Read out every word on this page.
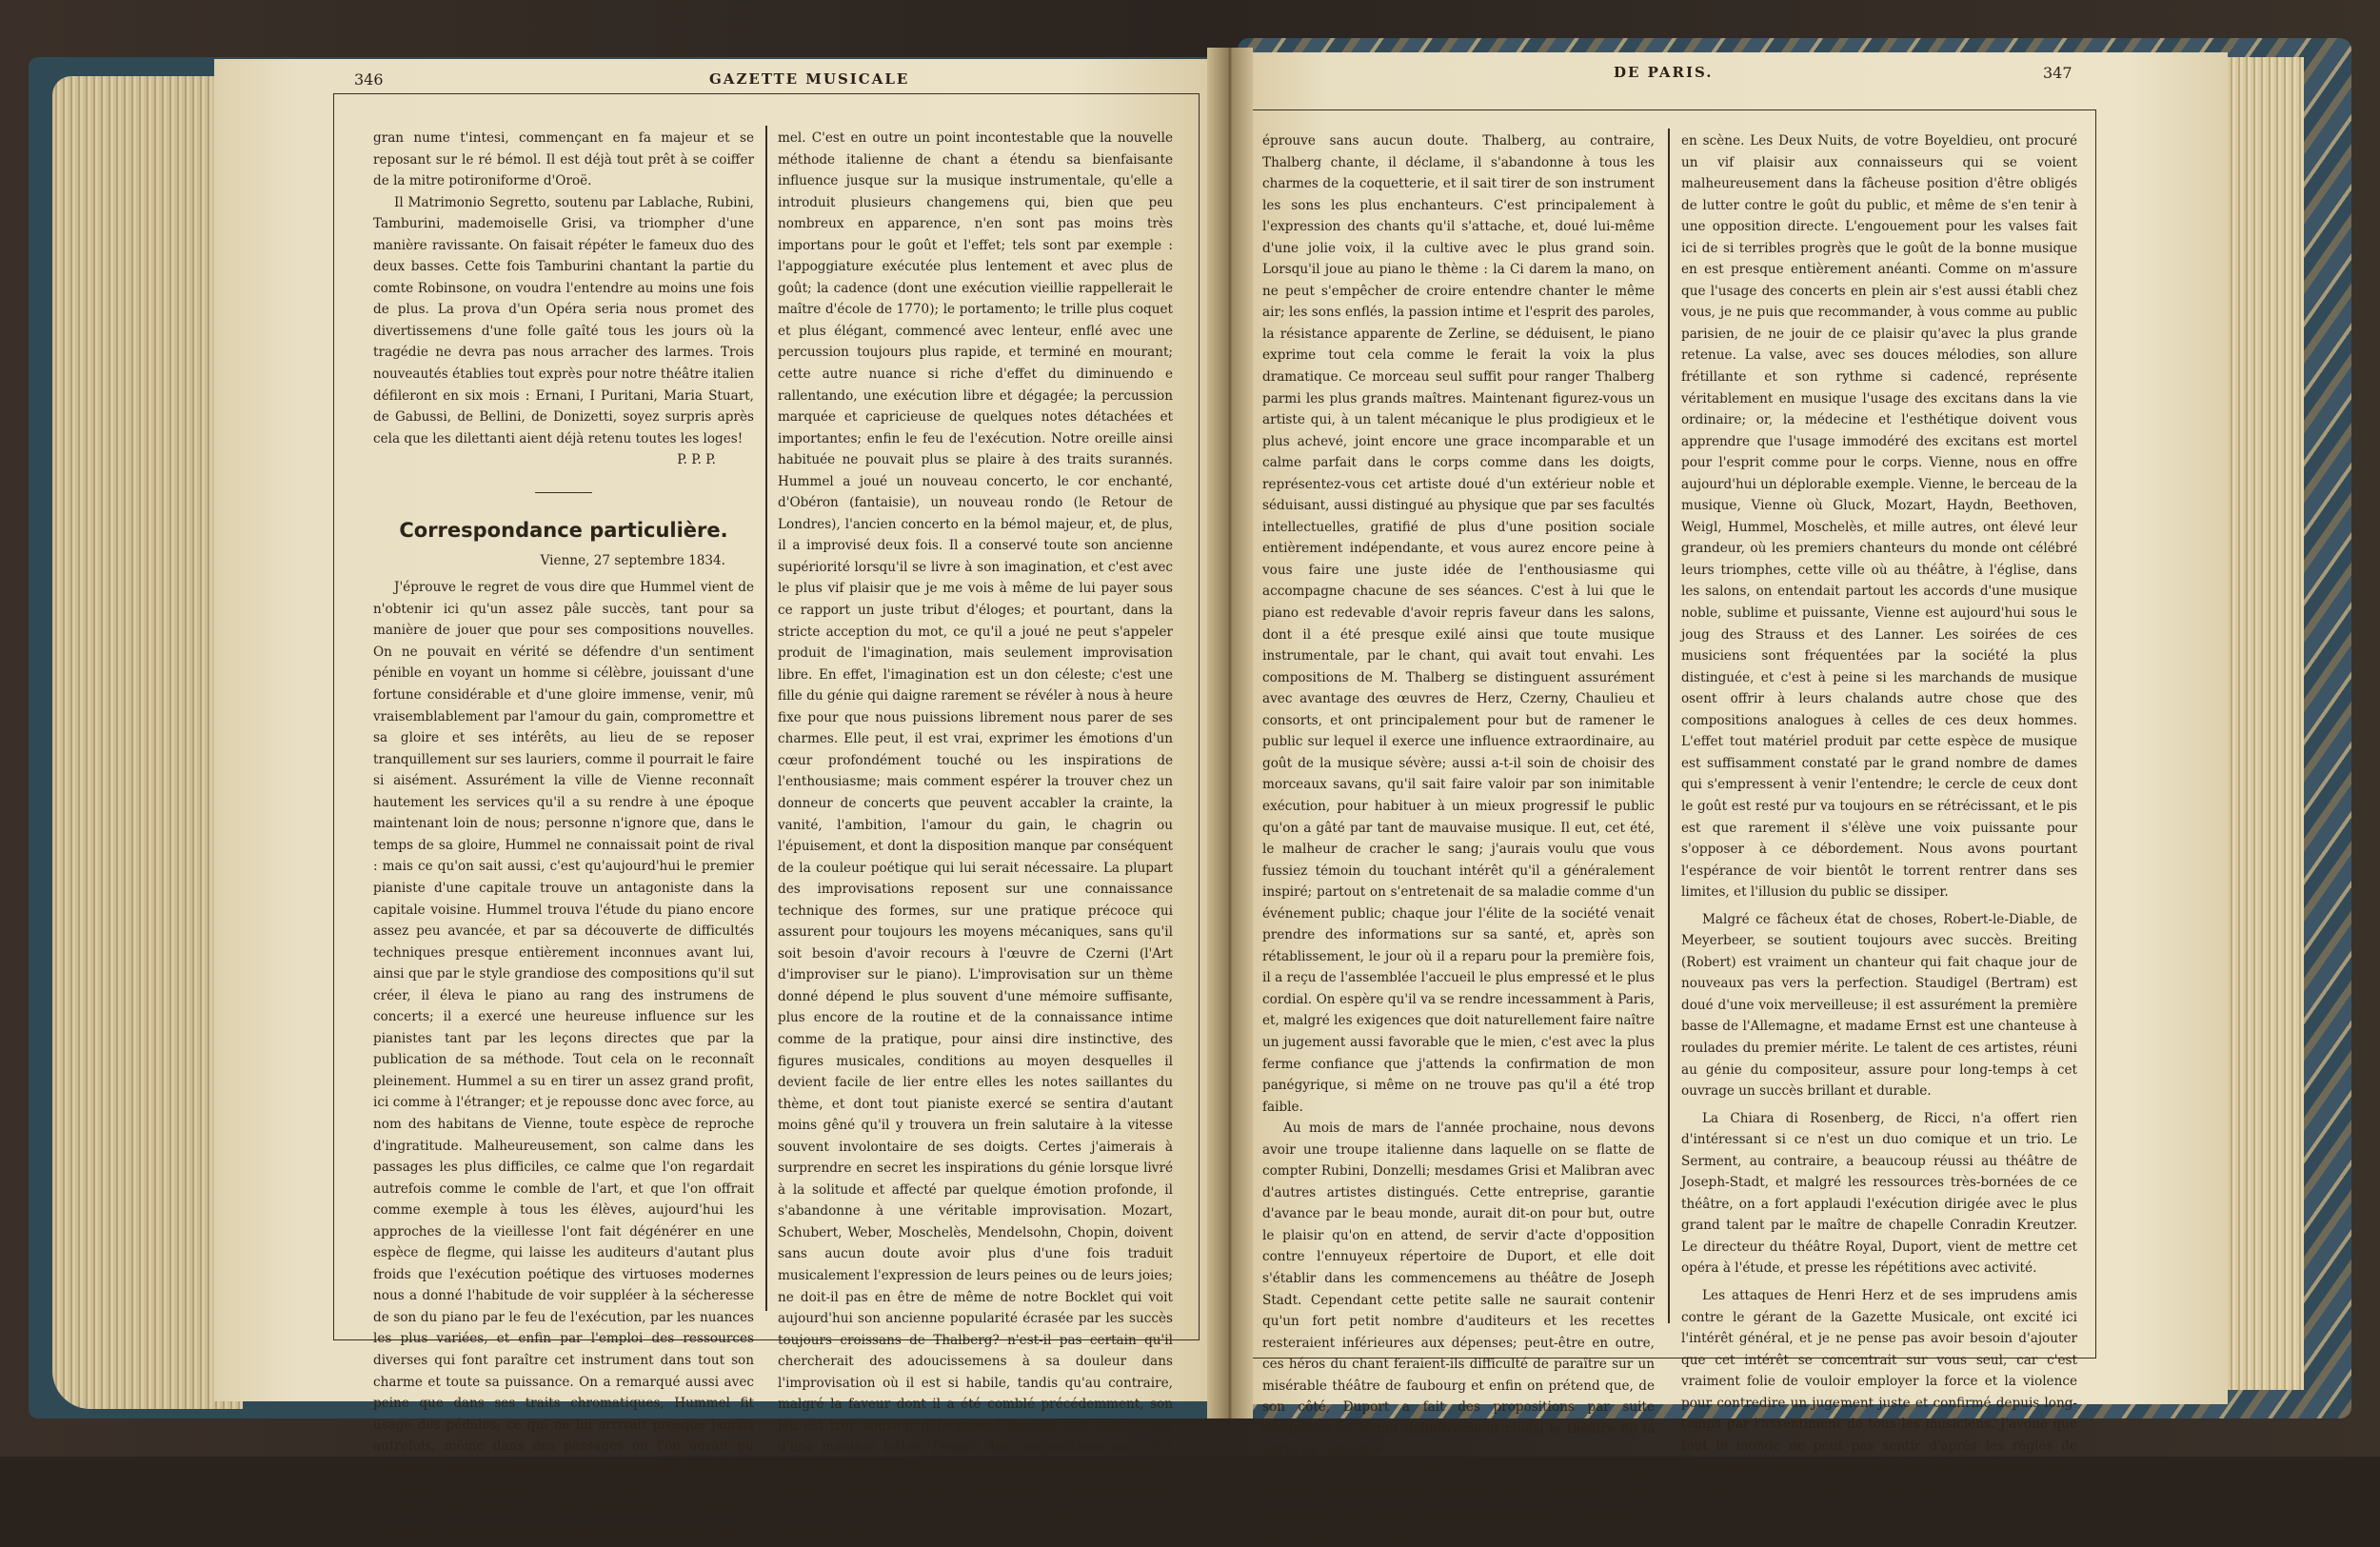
346	GAZETTE MUSICALE

gran nume t'intesi, commençant en fa majeur et se reposant sur le ré bémol. Il est déjà tout prêt à se coiffer de la mitre potironiforme d'Oroë.

Il Matrimonio Segretto, soutenu par Lablache, Rubini, Tamburini, mademoiselle Grisi, va triompher d'une manière ravissante. On faisait répéter le fameux duo des deux basses. Cette fois Tamburini chantant la partie du comte Robinsone, on voudra l'entendre au moins une fois de plus. La prova d'un Opéra seria nous promet des divertissemens d'une folle gaîté tous les jours où la tragédie ne devra pas nous arracher des larmes. Trois nouveautés établies tout exprès pour notre théâtre italien défileront en six mois : Ernani, I Puritani, Maria Stuart, de Gabussi, de Bellini, de Donizetti, soyez surpris après cela que les dilettanti aient déjà retenu toutes les loges!

P. P. P.
Correspondance particulière.
Vienne, 27 septembre 1834.

J'éprouve le regret de vous dire que Hummel vient de n'obtenir ici qu'un assez pâle succès, tant pour sa manière de jouer que pour ses compositions nouvelles. On ne pouvait en vérité se défendre d'un sentiment pénible en voyant un homme si célèbre, jouissant d'une fortune considérable et d'une gloire immense, venir, mû vraisemblablement par l'amour du gain, compromettre et sa gloire et ses intérêts, au lieu de se reposer tranquillement sur ses lauriers, comme il pourrait le faire si aisément. Assurément la ville de Vienne reconnaît hautement les services qu'il a su rendre à une époque maintenant loin de nous; personne n'ignore que, dans le temps de sa gloire, Hummel ne connaissait point de rival : mais ce qu'on sait aussi, c'est qu'aujourd'hui le premier pianiste d'une capitale trouve un antagoniste dans la capitale voisine. Hummel trouva l'étude du piano encore assez peu avancée, et par sa découverte de difficultés techniques presque entièrement inconnues avant lui, ainsi que par le style grandiose des compositions qu'il sut créer, il éleva le piano au rang des instrumens de concerts; il a exercé une heureuse influence sur les pianistes tant par les leçons directes que par la publication de sa méthode. Tout cela on le reconnaît pleinement. Hummel a su en tirer un assez grand profit, ici comme à l'étranger; et je repousse donc avec force, au nom des habitans de Vienne, toute espèce de reproche d'ingratitude. Malheureusement, son calme dans les passages les plus difficiles, ce calme que l'on regardait autrefois comme le comble de l'art, et que l'on offrait comme exemple à tous les élèves, aujourd'hui les approches de la vieillesse l'ont fait dégénérer en une espèce de flegme, qui laisse les auditeurs d'autant plus froids que l'exécution poétique des virtuoses modernes nous a donné l'habitude de voir suppléer à la sécheresse de son du piano par le feu de l'exécution, par les nuances les plus variées, et enfin par l'emploi des ressources diverses qui font paraître cet instrument dans tout son charme et toute sa puissance. On a remarqué aussi avec peine que dans ses traits chromatiques, Hummel fit usage des pédales, ce qui ne lui arrivait presque jamais autrefois, même dans des passages où l'on aurait pu regarder comme beaucoup plus convenable l'emploi de ces pédales. La pédale una corda, adoptée avec tant de succès par Moschelès, Chopin, Mendelsohn et Thalberg, est aussi une ressource qui manque entièrement à Hum-

mel. C'est en outre un point incontestable que la nouvelle méthode italienne de chant a étendu sa bienfaisante influence jusque sur la musique instrumentale, qu'elle a introduit plusieurs changemens qui, bien que peu nombreux en apparence, n'en sont pas moins très importans pour le goût et l'effet; tels sont par exemple : l'appoggiature exécutée plus lentement et avec plus de goût; la cadence (dont une exécution vieillie rappellerait le maître d'école de 1770); le portamento; le trille plus coquet et plus élégant, commencé avec lenteur, enflé avec une percussion toujours plus rapide, et terminé en mourant; cette autre nuance si riche d'effet du diminuendo e rallentando, une exécution libre et dégagée; la percussion marquée et capricieuse de quelques notes détachées et importantes; enfin le feu de l'exécution. Notre oreille ainsi habituée ne pouvait plus se plaire à des traits surannés. Hummel a joué un nouveau concerto, le cor enchanté, d'Obéron (fantaisie), un nouveau rondo (le Retour de Londres), l'ancien concerto en la bémol majeur, et, de plus, il a improvisé deux fois. Il a conservé toute son ancienne supériorité lorsqu'il se livre à son imagination, et c'est avec le plus vif plaisir que je me vois à même de lui payer sous ce rapport un juste tribut d'éloges; et pourtant, dans la stricte acception du mot, ce qu'il a joué ne peut s'appeler produit de l'imagination, mais seulement improvisation libre. En effet, l'imagination est un don céleste; c'est une fille du génie qui daigne rarement se révéler à nous à heure fixe pour que nous puissions librement nous parer de ses charmes. Elle peut, il est vrai, exprimer les émotions d'un cœur profondément touché ou les inspirations de l'enthousiasme; mais comment espérer la trouver chez un donneur de concerts que peuvent accabler la crainte, la vanité, l'ambition, l'amour du gain, le chagrin ou l'épuisement, et dont la disposition manque par conséquent de la couleur poétique qui lui serait nécessaire. La plupart des improvisations reposent sur une connaissance technique des formes, sur une pratique précoce qui assurent pour toujours les moyens mécaniques, sans qu'il soit besoin d'avoir recours à l'œuvre de Czerni (l'Art d'improviser sur le piano). L'improvisation sur un thème donné dépend le plus souvent d'une mémoire suffisante, plus encore de la routine et de la connaissance intime comme de la pratique, pour ainsi dire instinctive, des figures musicales, conditions au moyen desquelles il devient facile de lier entre elles les notes saillantes du thème, et dont tout pianiste exercé se sentira d'autant moins gêné qu'il y trouvera un frein salutaire à la vitesse souvent involontaire de ses doigts. Certes j'aimerais à surprendre en secret les inspirations du génie lorsque livré à la solitude et affecté par quelque émotion profonde, il s'abandonne à une véritable improvisation. Mozart, Schubert, Weber, Moschelès, Mendelsohn, Chopin, doivent sans aucun doute avoir plus d'une fois traduit musicalement l'expression de leurs peines ou de leurs joies; ne doit-il pas en être de même de notre Bocklet qui voit aujourd'hui son ancienne popularité écrasée par les succès toujours croissans de Thalberg? n'est-il pas certain qu'il chercherait des adoucissemens à sa douleur dans l'improvisation où il est si habile, tandis qu'au contraire, malgré la faveur dont il a été comblé précédemment, son jeu est trop souvent défectueux? Bocklet sent assurément d'une manière intime l'esprit des compositions qu'il doit exécuter, mais ses moyens techniques sont trop faibles, et d'ailleurs le mauvais état de sa santé ne lui laisse pas assez de vigueur pour qu'il puisse faire passer par ses doigts les sentimens qu'il

DE PARIS.	347

éprouve sans aucun doute. Thalberg, au contraire, Thalberg chante, il déclame, il s'abandonne à tous les charmes de la coquetterie, et il sait tirer de son instrument les sons les plus enchanteurs. C'est principalement à l'expression des chants qu'il s'attache, et, doué lui-même d'une jolie voix, il la cultive avec le plus grand soin. Lorsqu'il joue au piano le thème : la Ci darem la mano, on ne peut s'empêcher de croire entendre chanter le même air; les sons enflés, la passion intime et l'esprit des paroles, la résistance apparente de Zerline, se déduisent, le piano exprime tout cela comme le ferait la voix la plus dramatique. Ce morceau seul suffit pour ranger Thalberg parmi les plus grands maîtres. Maintenant figurez-vous un artiste qui, à un talent mécanique le plus prodigieux et le plus achevé, joint encore une grace incomparable et un calme parfait dans le corps comme dans les doigts, représentez-vous cet artiste doué d'un extérieur noble et séduisant, aussi distingué au physique que par ses facultés intellectuelles, gratifié de plus d'une position sociale entièrement indépendante, et vous aurez encore peine à vous faire une juste idée de l'enthousiasme qui accompagne chacune de ses séances. C'est à lui que le piano est redevable d'avoir repris faveur dans les salons, dont il a été presque exilé ainsi que toute musique instrumentale, par le chant, qui avait tout envahi. Les compositions de M. Thalberg se distinguent assurément avec avantage des œuvres de Herz, Czerny, Chaulieu et consorts, et ont principalement pour but de ramener le public sur lequel il exerce une influence extraordinaire, au goût de la musique sévère; aussi a-t-il soin de choisir des morceaux savans, qu'il sait faire valoir par son inimitable exécution, pour habituer à un mieux progressif le public qu'on a gâté par tant de mauvaise musique. Il eut, cet été, le malheur de cracher le sang; j'aurais voulu que vous fussiez témoin du touchant intérêt qu'il a généralement inspiré; partout on s'entretenait de sa maladie comme d'un événement public; chaque jour l'élite de la société venait prendre des informations sur sa santé, et, après son rétablissement, le jour où il a reparu pour la première fois, il a reçu de l'assemblée l'accueil le plus empressé et le plus cordial. On espère qu'il va se rendre incessamment à Paris, et, malgré les exigences que doit naturellement faire naître un jugement aussi favorable que le mien, c'est avec la plus ferme confiance que j'attends la confirmation de mon panégyrique, si même on ne trouve pas qu'il a été trop faible.

Au mois de mars de l'année prochaine, nous devons avoir une troupe italienne dans laquelle on se flatte de compter Rubini, Donzelli; mesdames Grisi et Malibran avec d'autres artistes distingués. Cette entreprise, garantie d'avance par le beau monde, aurait dit-on pour but, outre le plaisir qu'on en attend, de servir d'acte d'opposition contre l'ennuyeux répertoire de Duport, et elle doit s'établir dans les commencemens au théâtre de Joseph Stadt. Cependant cette petite salle ne saurait contenir qu'un fort petit nombre d'auditeurs et les recettes resteraient inférieures aux dépenses; peut-être en outre, ces héros du chant feraient-ils difficulté de paraître sur un misérable théâtre de faubourg et enfin on prétend que, de son côté, Duport a fait des propositions par suite desquelles on aurait définitivement choisi le théâtre de la porte de Carinthie.

Nous avons vu le Pré aux Clercs, et cet ouvrage, quoique supérieurement exécuté par les chœurs et par l'orchestre, n'a produit presqu'aucun effet à cause de la mesquinerie de la mise

en scène. Les Deux Nuits, de votre Boyeldieu, ont procuré un vif plaisir aux connaisseurs qui se voient malheureusement dans la fâcheuse position d'être obligés de lutter contre le goût du public, et même de s'en tenir à une opposition directe. L'engouement pour les valses fait ici de si terribles progrès que le goût de la bonne musique en est presque entièrement anéanti. Comme on m'assure que l'usage des concerts en plein air s'est aussi établi chez vous, je ne puis que recommander, à vous comme au public parisien, de ne jouir de ce plaisir qu'avec la plus grande retenue. La valse, avec ses douces mélodies, son allure frétillante et son rythme si cadencé, représente véritablement en musique l'usage des excitans dans la vie ordinaire; or, la médecine et l'esthétique doivent vous apprendre que l'usage immodéré des excitans est mortel pour l'esprit comme pour le corps. Vienne, nous en offre aujourd'hui un déplorable exemple. Vienne, le berceau de la musique, Vienne où Gluck, Mozart, Haydn, Beethoven, Weigl, Hummel, Moschelès, et mille autres, ont élevé leur grandeur, où les premiers chanteurs du monde ont célébré leurs triomphes, cette ville où au théâtre, à l'église, dans les salons, on entendait partout les accords d'une musique noble, sublime et puissante, Vienne est aujourd'hui sous le joug des Strauss et des Lanner. Les soirées de ces musiciens sont fréquentées par la société la plus distinguée, et c'est à peine si les marchands de musique osent offrir à leurs chalands autre chose que des compositions analogues à celles de ces deux hommes. L'effet tout matériel produit par cette espèce de musique est suffisamment constaté par le grand nombre de dames qui s'empressent à venir l'entendre; le cercle de ceux dont le goût est resté pur va toujours en se rétrécissant, et le pis est que rarement il s'élève une voix puissante pour s'opposer à ce débordement. Nous avons pourtant l'espérance de voir bientôt le torrent rentrer dans ses limites, et l'illusion du public se dissiper.

Malgré ce fâcheux état de choses, Robert-le-Diable, de Meyerbeer, se soutient toujours avec succès. Breiting (Robert) est vraiment un chanteur qui fait chaque jour de nouveaux pas vers la perfection. Staudigel (Bertram) est doué d'une voix merveilleuse; il est assurément la première basse de l'Allemagne, et madame Ernst est une chanteuse à roulades du premier mérite. Le talent de ces artistes, réuni au génie du compositeur, assure pour long-temps à cet ouvrage un succès brillant et durable.

La Chiara di Rosenberg, de Ricci, n'a offert rien d'intéressant si ce n'est un duo comique et un trio. Le Serment, au contraire, a beaucoup réussi au théâtre de Joseph-Stadt, et malgré les ressources très-bornées de ce théâtre, on a fort applaudi l'exécution dirigée avec le plus grand talent par le maître de chapelle Conradin Kreutzer. Le directeur du théâtre Royal, Duport, vient de mettre cet opéra à l'étude, et presse les répétitions avec activité.

Les attaques de Henri Herz et de ses imprudens amis contre le gérant de la Gazette Musicale, ont excité ici l'intérêt général, et je ne pense pas avoir besoin d'ajouter que cet intérêt se concentrait sur vous seul, car c'est vraiment folie de vouloir employer la force et la violence pour contredire un jugement juste et confirmé depuis long-temps par l'assentiment de tous les musiciens. J'avoue que tout le monde ne peut pas sentir d'après les règles de l'esthétique; j'ajoute même qu'il ne doit pas en être ainsi, car dans ce cas, le musicien et le critique
